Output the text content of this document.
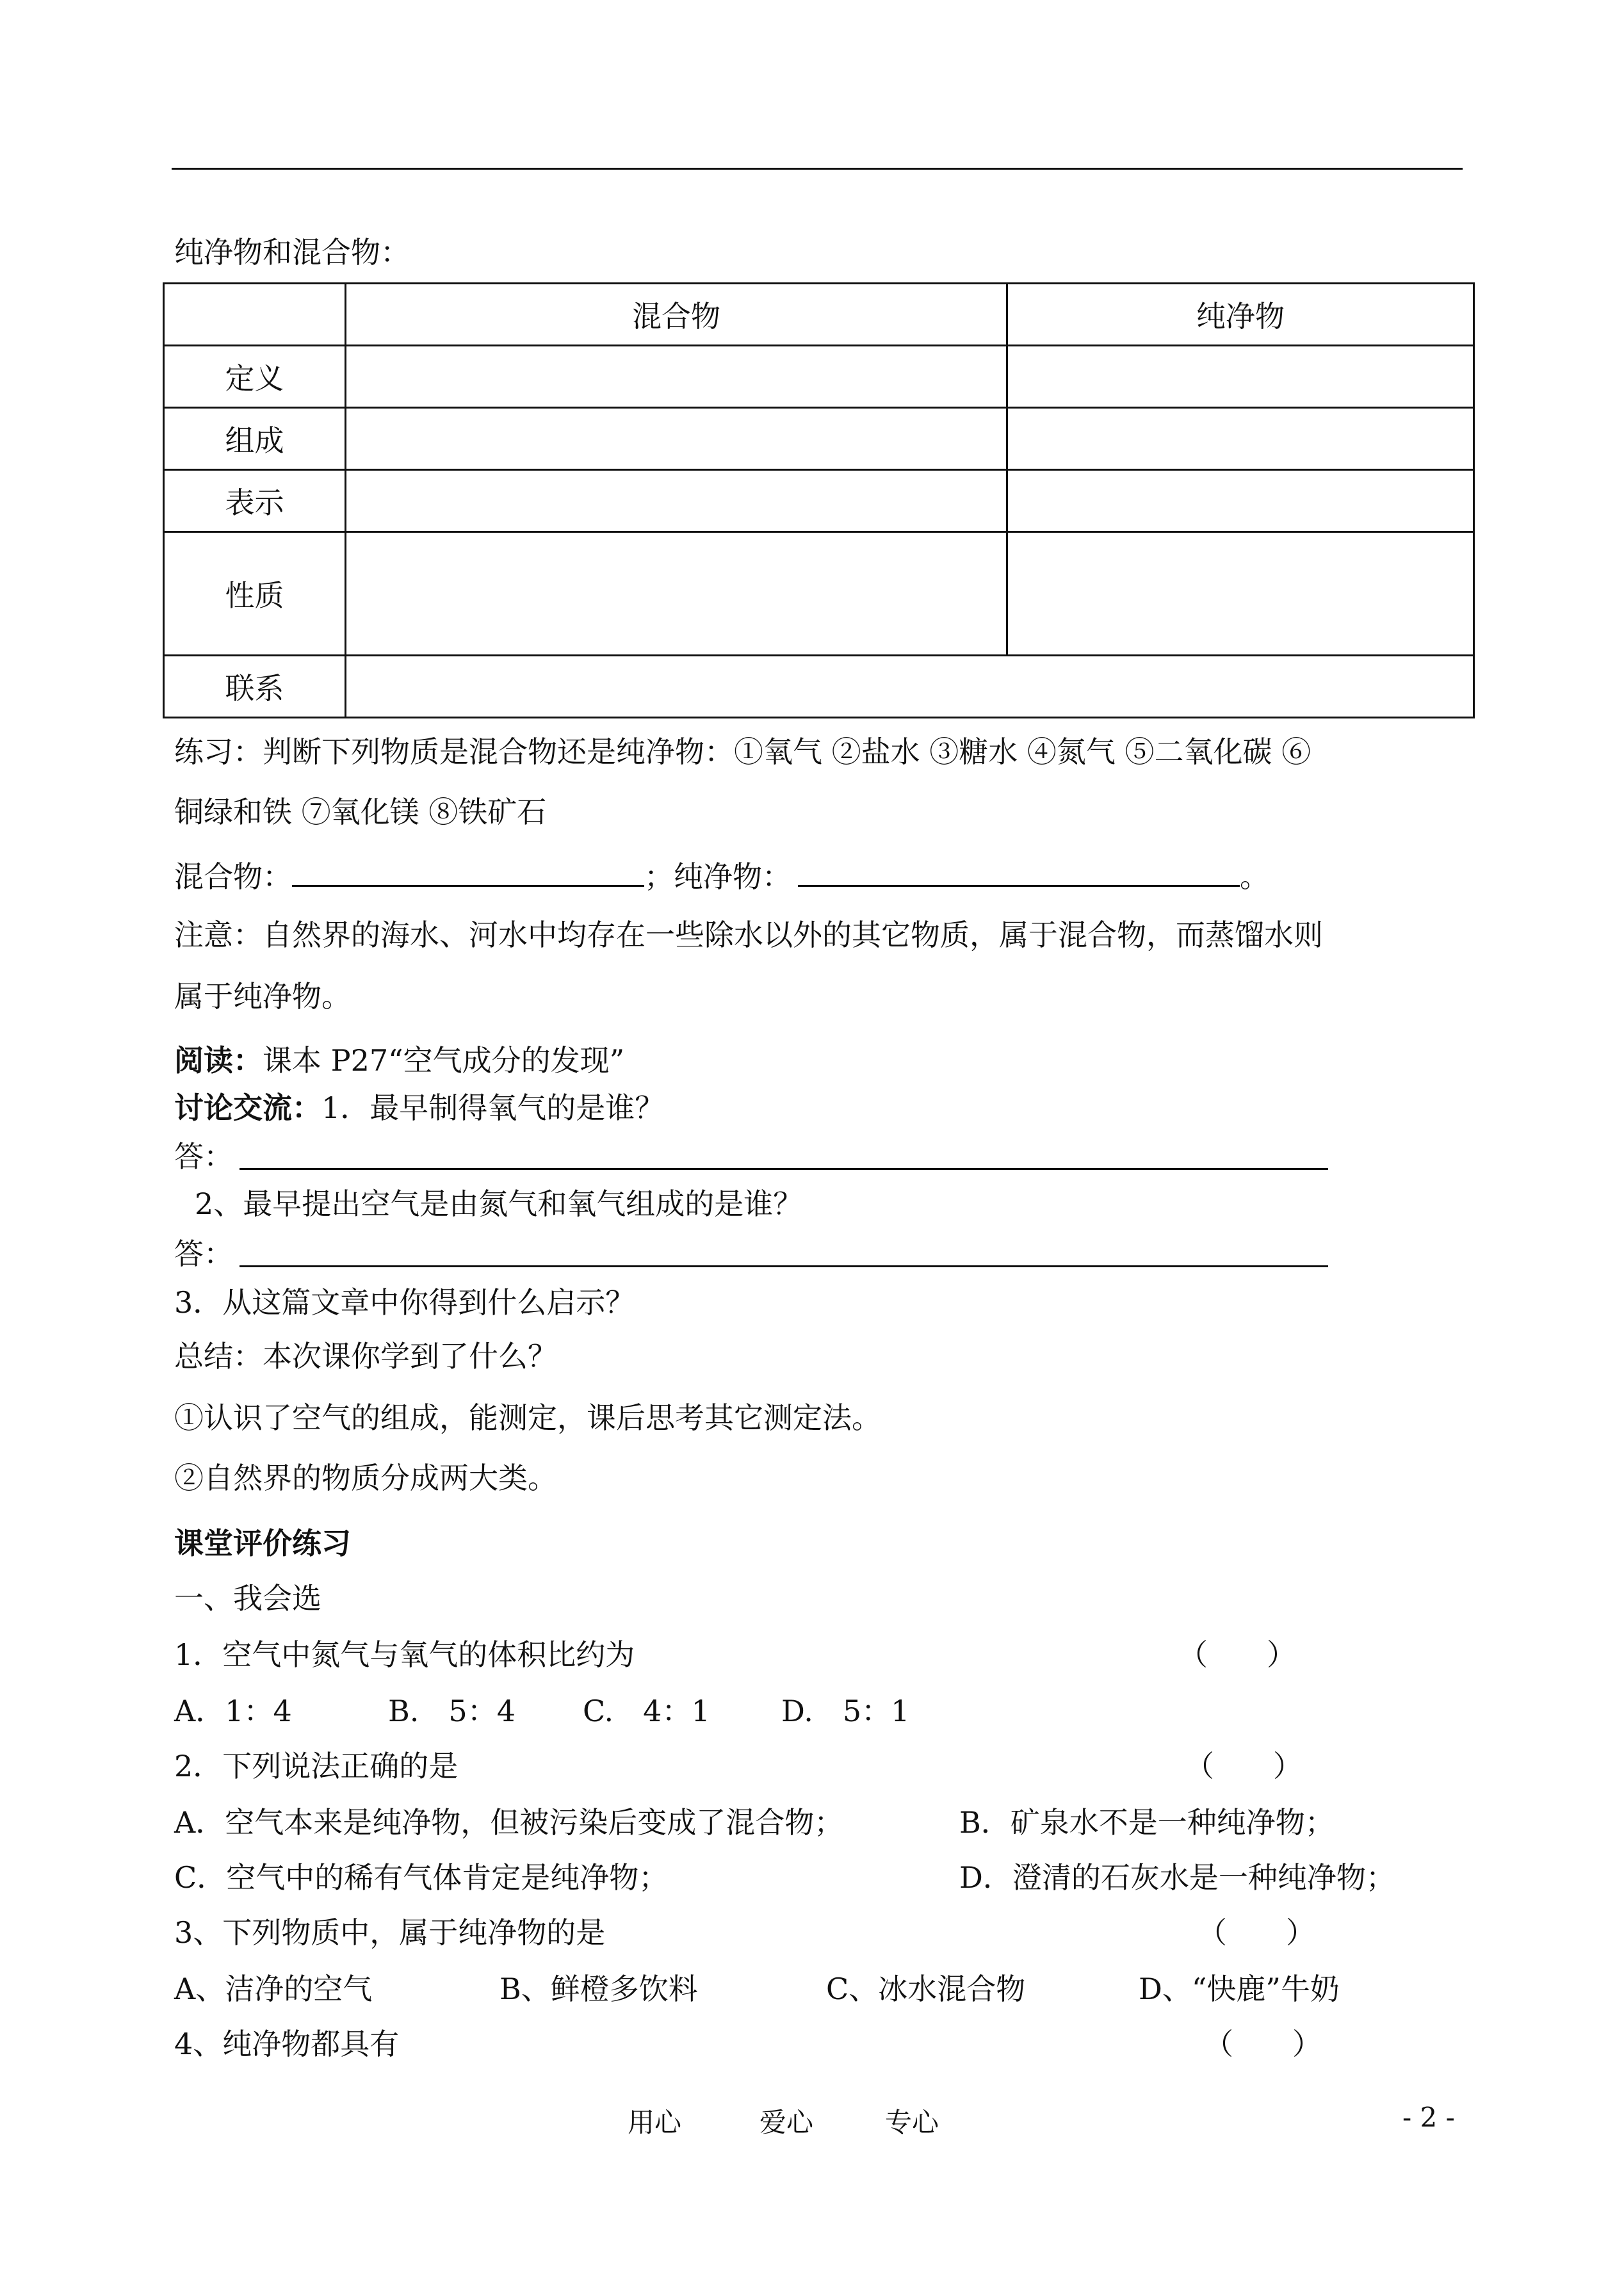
纯净物和混合物：
	混合物	纯净物
定义		
组成		
表示		
性质		
联系		
练习：判断下列物质是混合物还是纯净物：①氧气 ②盐水 ③糖水 ④氮气 ⑤二氧化碳 ⑥
铜绿和铁 ⑦氧化镁 ⑧铁矿石
混合物：	；纯净物：	。
注意：自然界的海水、河水中均存在一些除水以外的其它物质，属于混合物，而蒸馏水则
属于纯净物。
阅读：课本 P27“空气成分的发现”
讨论交流：1．最早制得氧气的是谁？
答：
2、最早提出空气是由氮气和氧气组成的是谁？
答：
3．从这篇文章中你得到什么启示？
总结：本次课你学到了什么？
①认识了空气的组成，能测定，课后思考其它测定法。
②自然界的物质分成两大类。
课堂评价练习
一、我会选
1．空气中氮气与氧气的体积比约为	（　　）
A．1：4	B.　5：4 C.　4：1 D.　5：1
2．下列说法正确的是	（　　）
A．空气本来是纯净物，但被污染后变成了混合物；	B．矿泉水不是一种纯净物；
C．空气中的稀有气体肯定是纯净物；	D．澄清的石灰水是一种纯净物；
3、下列物质中，属于纯净物的是	（　　）
A、洁净的空气	B、鲜橙多饮料	C、冰水混合物	D、“快鹿”牛奶
4、纯净物都具有	（　　）
用心	爱心	专心	- 2 -
